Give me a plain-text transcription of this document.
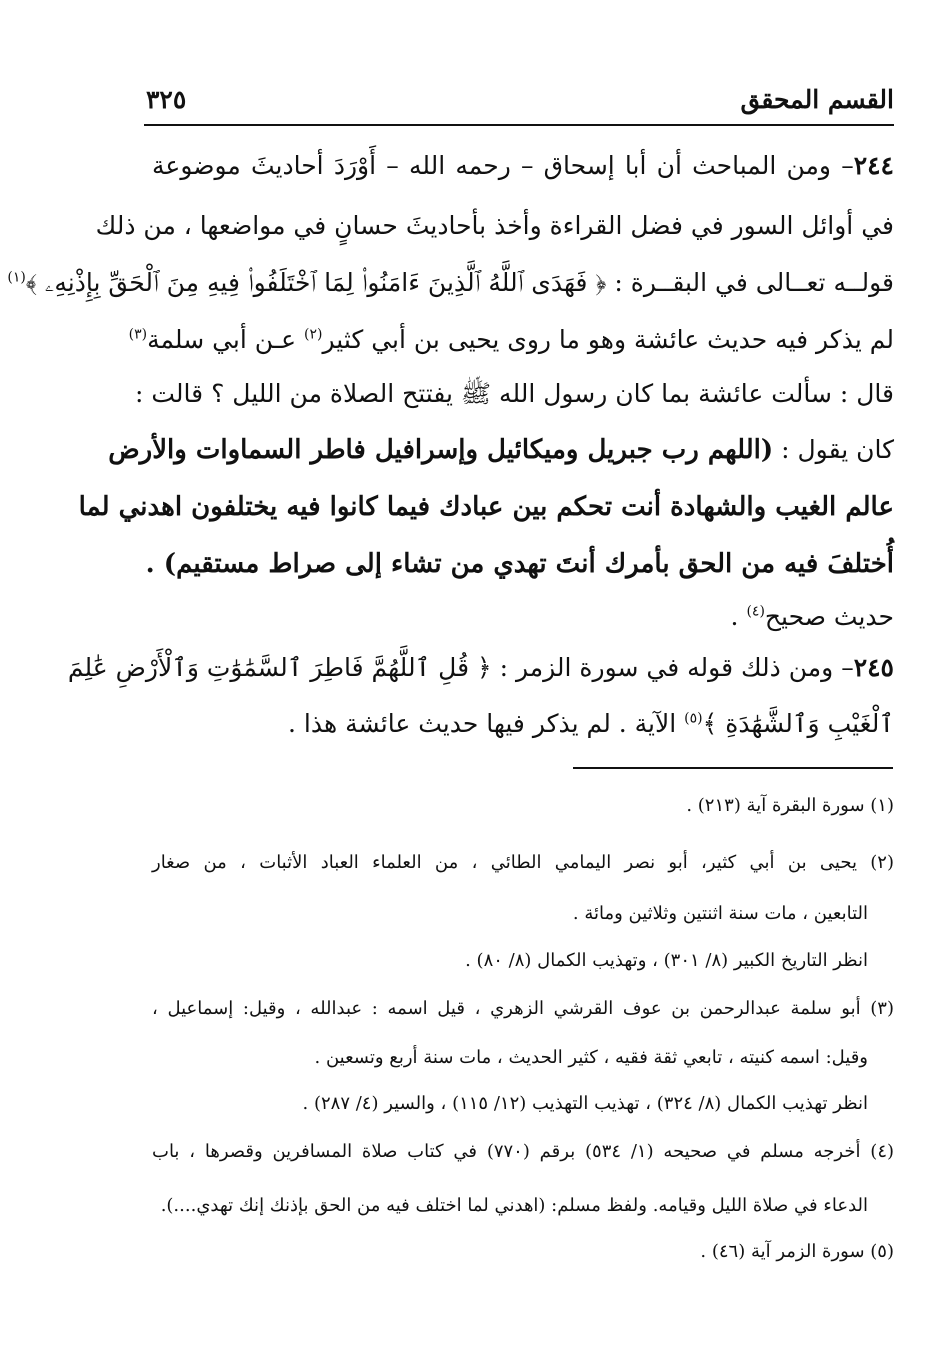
القسم المحقق
٣٢٥
٢٤٤– ومن المباحث أن أبا إسحاق – رحمه الله – أَوْرَدَ أحاديثَ موضوعة
في أوائل السور في فضل القراءة وأخذ بأحاديثَ حسانٍ في مواضعها ، من ذلك
قولــه تعــالى في البقــرة : ﴿ فَهَدَى ٱللَّهُ ٱلَّذِينَ ءَامَنُوا۟ لِمَا ٱخْتَلَفُوا۟ فِيهِ مِنَ ٱلْحَقِّ بِإِذْنِهِۦ ﴾$^{(١)}$
لم يذكر فيه حديث عائشة وهو ما روى يحيى بن أبي كثير$^{(٢)}$ عـن أبي سلمة$^{(٣)}$
قال : سألت عائشة بما كان رسول الله ﷺ يفتتح الصلاة من الليل ؟ قالت :
كان يقول : (اللهم رب جبريل وميكائيل وإسرافيل فاطر السماوات والأرض
عالم الغيب والشهادة أنت تحكم بين عبادك فيما كانوا فيه يختلفون اهدني لما
أُختلفَ فيه من الحق بأمرك أنتَ تهدي من تشاء إلى صراط مستقيم) .
حديث صحيح$^{(٤)}$ .
٢٤٥– ومن ذلك قوله في سورة الزمر : ﴿ قُلِ ٱللَّهُمَّ فَاطِرَ ٱلسَّمَٰوَٰتِ وَٱلْأَرْضِ عَٰلِمَ
ٱلْغَيْبِ وَٱلشَّهَٰدَةِ ﴾$^{(٥)}$ الآية . لم يذكر فيها حديث عائشة هذا .
(١) سورة البقرة آية (٢١٣) .
(٢) يحيى بن أبي كثير، أبو نصر اليمامي الطائي ، من العلماء العباد الأثبات ، من صغار
التابعين ، مات سنة اثنتين وثلاثين ومائة .
انظر التاريخ الكبير (٨/ ٣٠١) ، وتهذيب الكمال (٨/ ٨٠) .
(٣) أبو سلمة عبدالرحمن بن عوف القرشي الزهري ، قيل اسمه : عبدالله ، وقيل: إسماعيل ،
وقيل: اسمه كنيته ، تابعي ثقة فقيه ، كثير الحديث ، مات سنة أربع وتسعين .
انظر تهذيب الكمال (٨/ ٣٢٤) ، تهذيب التهذيب (١٢/ ١١٥) ، والسير (٤/ ٢٨٧) .
(٤) أخرجه مسلم في صحيحه (١/ ٥٣٤) برقم (٧٧٠) في كتاب صلاة المسافرين وقصرها ، باب
الدعاء في صلاة الليل وقيامه. ولفظ مسلم: (اهدني لما اختلف فيه من الحق بإذنك إنك تهدي....).
(٥) سورة الزمر آية (٤٦) .
